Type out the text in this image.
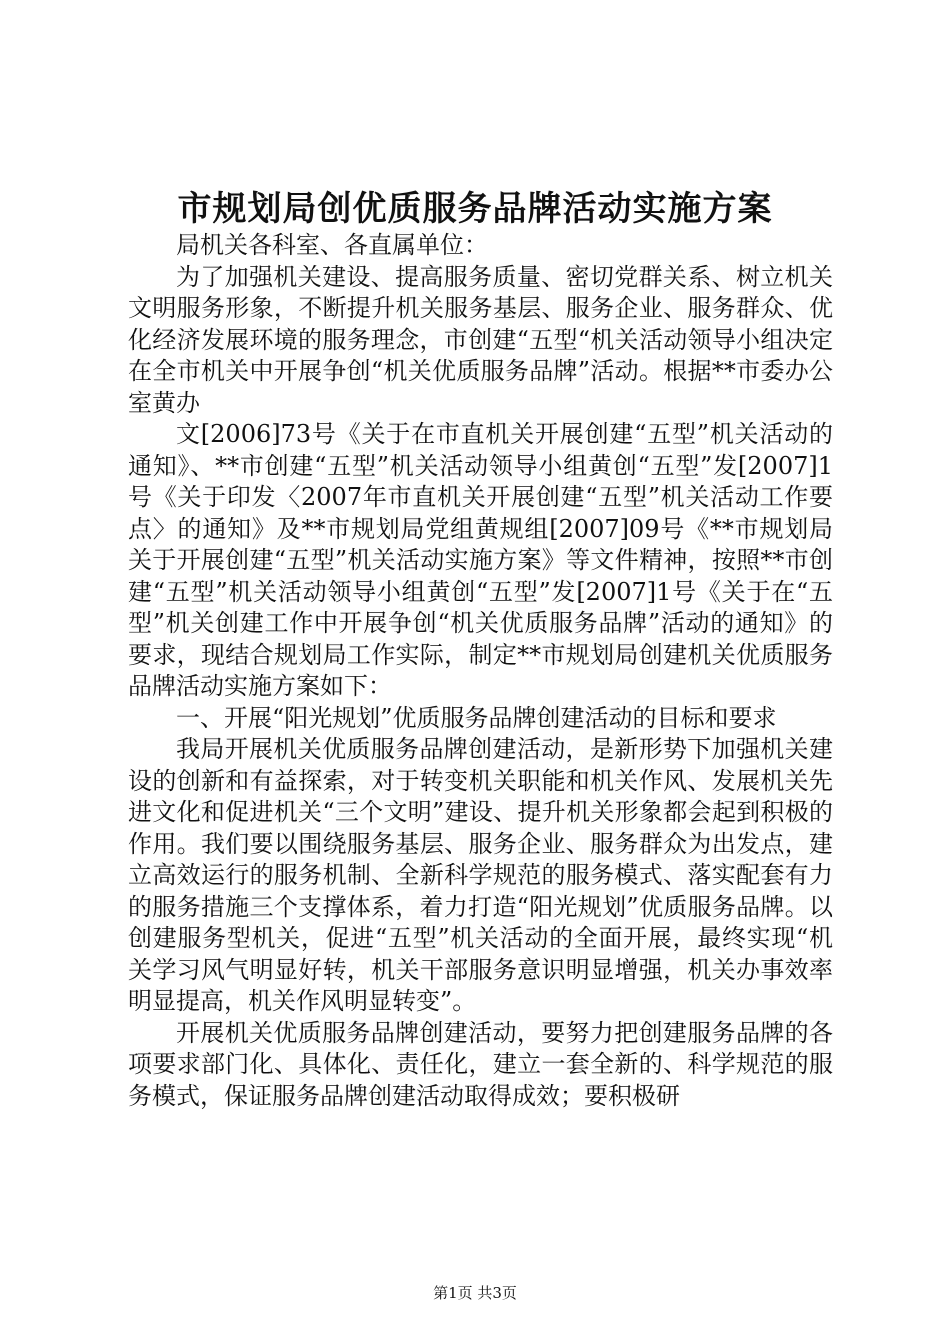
市规划局创优质服务品牌活动实施方案

局机关各科室、各直属单位：

为了加强机关建设、提高服务质量、密切党群关系、树立机关文明服务形象，不断提升机关服务基层、服务企业、服务群众、优化经济发展环境的服务理念，市创建“五型“机关活动领导小组决定在全市机关中开展争创“机关优质服务品牌”活动。根据**市委办公室黄办

文[2006]73号《关于在市直机关开展创建“五型”机关活动的通知》、**市创建“五型”机关活动领导小组黄创“五型”发[2007]1号《关于印发〈2007年市直机关开展创建“五型”机关活动工作要点〉的通知》及**市规划局党组黄规组[2007]09号《**市规划局关于开展创建“五型”机关活动实施方案》等文件精神，按照**市创建“五型”机关活动领导小组黄创“五型”发[2007]1号《关于在“五型”机关创建工作中开展争创“机关优质服务品牌”活动的通知》的要求，现结合规划局工作实际，制定**市规划局创建机关优质服务品牌活动实施方案如下：

一、开展“阳光规划”优质服务品牌创建活动的目标和要求

我局开展机关优质服务品牌创建活动，是新形势下加强机关建设的创新和有益探索，对于转变机关职能和机关作风、发展机关先进文化和促进机关“三个文明”建设、提升机关形象都会起到积极的作用。我们要以围绕服务基层、服务企业、服务群众为出发点，建立高效运行的服务机制、全新科学规范的服务模式、落实配套有力的服务措施三个支撑体系，着力打造“阳光规划”优质服务品牌。以创建服务型机关，促进“五型”机关活动的全面开展，最终实现“机关学习风气明显好转，机关干部服务意识明显增强，机关办事效率明显提高，机关作风明显转变”。

开展机关优质服务品牌创建活动，要努力把创建服务品牌的各项要求部门化、具体化、责任化，建立一套全新的、科学规范的服务模式，保证服务品牌创建活动取得成效；要积极研

第1页 共3页
